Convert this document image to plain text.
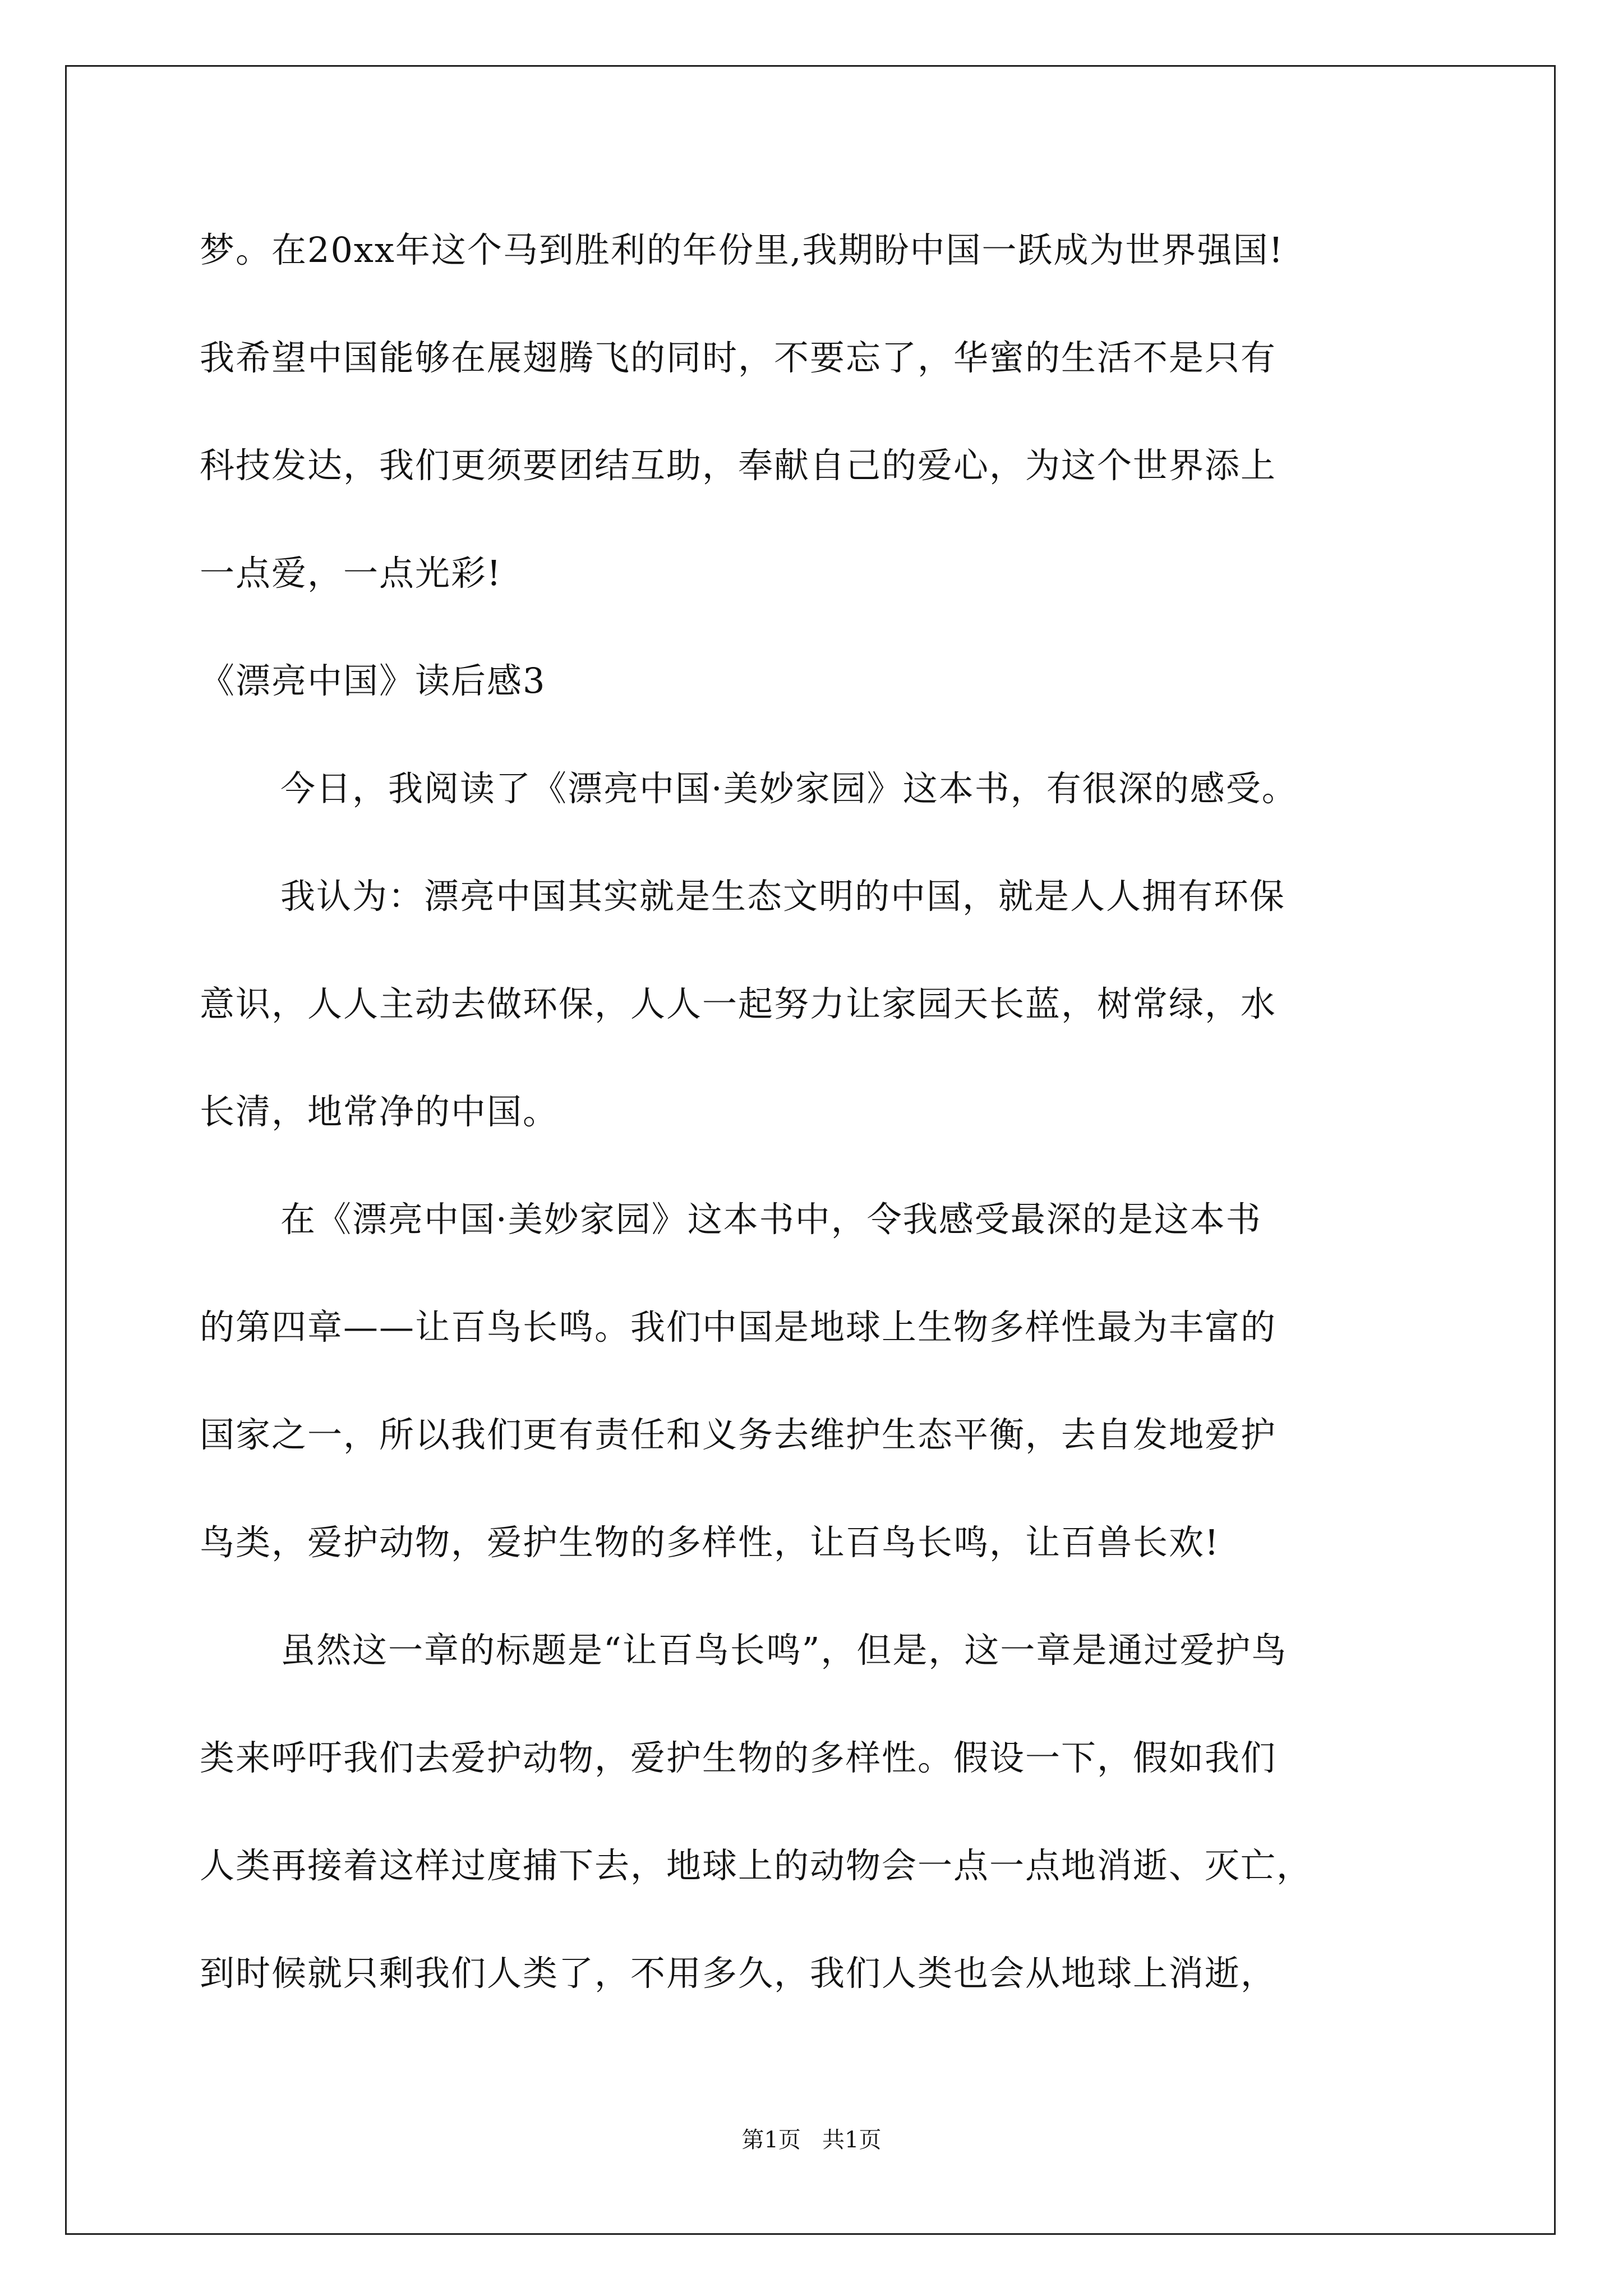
梦。在20xx年这个马到胜利的年份里,我期盼中国一跃成为世界强国!
我希望中国能够在展翅腾飞的同时，不要忘了，华蜜的生活不是只有
科技发达，我们更须要团结互助，奉献自己的爱心，为这个世界添上
一点爱，一点光彩!
《漂亮中国》读后感3
今日，我阅读了《漂亮中国·美妙家园》这本书，有很深的感受。
我认为：漂亮中国其实就是生态文明的中国，就是人人拥有环保
意识，人人主动去做环保，人人一起努力让家园天长蓝，树常绿，水
长清，地常净的中国。
在《漂亮中国·美妙家园》这本书中，令我感受最深的是这本书
的第四章——让百鸟长鸣。我们中国是地球上生物多样性最为丰富的
国家之一，所以我们更有责任和义务去维护生态平衡，去自发地爱护
鸟类，爱护动物，爱护生物的多样性，让百鸟长鸣，让百兽长欢!
虽然这一章的标题是“让百鸟长鸣”，但是，这一章是通过爱护鸟
类来呼吁我们去爱护动物，爱护生物的多样性。假设一下，假如我们
人类再接着这样过度捕下去，地球上的动物会一点一点地消逝、灭亡，
到时候就只剩我们人类了，不用多久，我们人类也会从地球上消逝，
第1页   共1页
